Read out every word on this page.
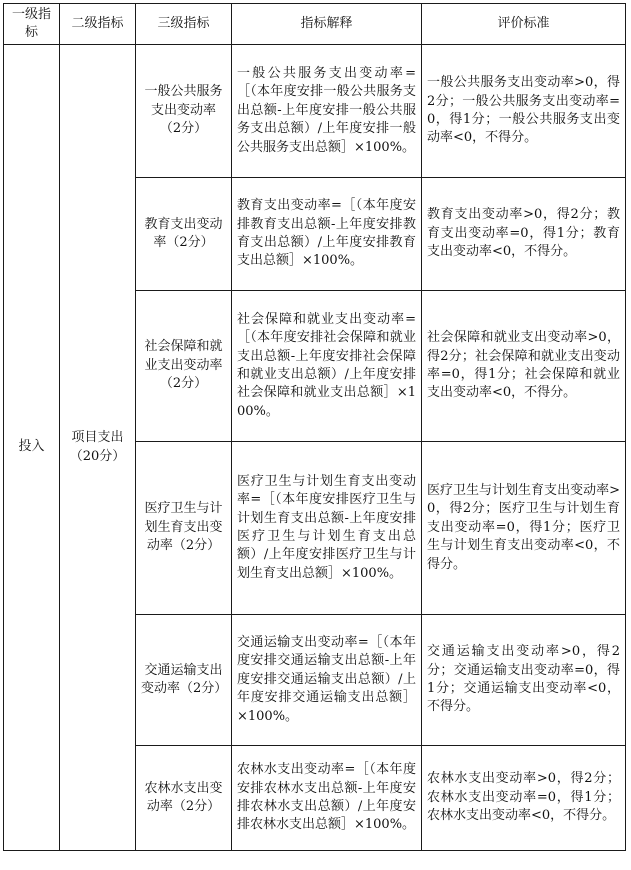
一级指标	二级指标	三级指标	指标解释	评价标准
投入	项目支出（20分）	一般公共服务支出变动率（2分）	一般公共服务支出变动率=［（本年度安排一般公共服务支出总额-上年度安排一般公共服务支出总额）/上年度安排一般公共服务支出总额］×100%。	一般公共服务支出变动率>0，得2分；一般公共服务支出变动率=0，得1分；一般公共服务支出变动率<0，不得分。
		教育支出变动率（2分）	教育支出变动率=［（本年度安排教育支出总额-上年度安排教育支出总额）/上年度安排教育支出总额］×100%。	教育支出变动率>0，得2分；教育支出变动率=0，得1分；教育支出变动率<0，不得分。
		社会保障和就业支出变动率（2分）	社会保障和就业支出变动率=［（本年度安排社会保障和就业支出总额-上年度安排社会保障和就业支出总额）/上年度安排社会保障和就业支出总额］×100%。	社会保障和就业支出变动率>0，得2分；社会保障和就业支出变动率=0，得1分；社会保障和就业支出变动率<0，不得分。
		医疗卫生与计划生育支出变动率（2分）	医疗卫生与计划生育支出变动率=［（本年度安排医疗卫生与计划生育支出总额-上年度安排医疗卫生与计划生育支出总额）/上年度安排医疗卫生与计划生育支出总额］×100%。	医疗卫生与计划生育支出变动率>0，得2分；医疗卫生与计划生育支出变动率=0，得1分；医疗卫生与计划生育支出变动率<0，不得分。
		交通运输支出变动率（2分）	交通运输支出变动率=［（本年度安排交通运输支出总额-上年度安排交通运输支出总额）/上年度安排交通运输支出总额］×100%。	交通运输支出变动率>0，得2分；交通运输支出变动率=0，得1分；交通运输支出变动率<0，不得分。
		农林水支出变动率（2分）	农林水支出变动率=［（本年度安排农林水支出总额-上年度安排农林水支出总额）/上年度安排农林水支出总额］×100%。	农林水支出变动率>0，得2分；农林水支出变动率=0，得1分；农林水支出变动率<0，不得分。
